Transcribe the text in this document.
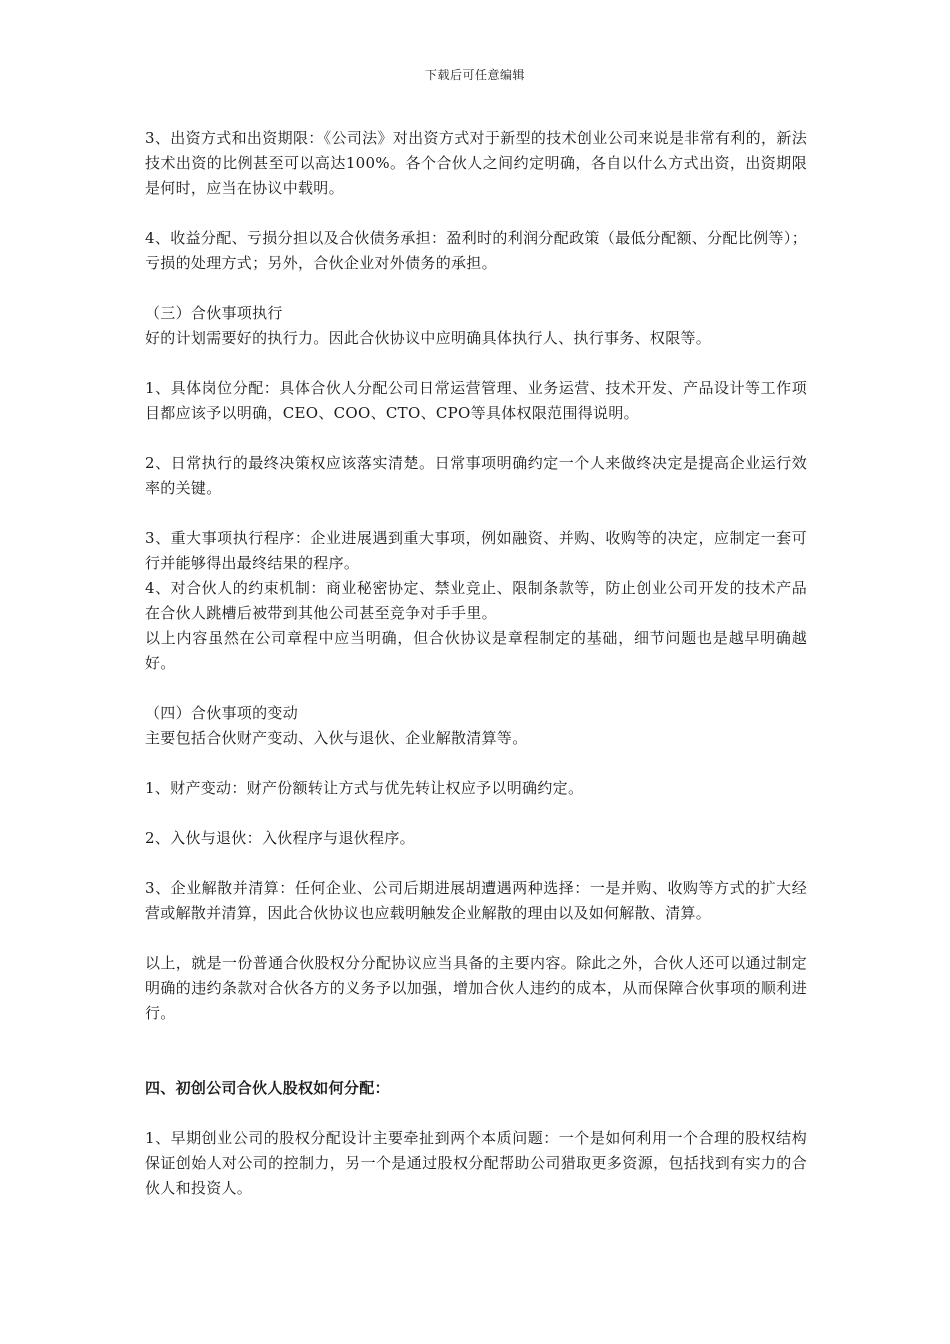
下载后可任意编辑

3、出资方式和出资期限：《公司法》对出资方式对于新型的技术创业公司来说是非常有利的，新法技术出资的比例甚至可以高达100%。各个合伙人之间约定明确，各自以什么方式出资，出资期限是何时，应当在协议中载明。

4、收益分配、亏损分担以及合伙债务承担：盈利时的利润分配政策（最低分配额、分配比例等）；亏损的处理方式；另外，合伙企业对外债务的承担。

（三）合伙事项执行

好的计划需要好的执行力。因此合伙协议中应明确具体执行人、执行事务、权限等。

1、具体岗位分配：具体合伙人分配公司日常运营管理、业务运营、技术开发、产品设计等工作项目都应该予以明确，CEO、COO、CTO、CPO等具体权限范围得说明。

2、日常执行的最终决策权应该落实清楚。日常事项明确约定一个人来做终决定是提高企业运行效率的关键。

3、重大事项执行程序：企业进展遇到重大事项，例如融资、并购、收购等的决定，应制定一套可行并能够得出最终结果的程序。

4、对合伙人的约束机制：商业秘密协定、禁业竞止、限制条款等，防止创业公司开发的技术产品在合伙人跳槽后被带到其他公司甚至竞争对手手里。

以上内容虽然在公司章程中应当明确，但合伙协议是章程制定的基础，细节问题也是越早明确越好。

（四）合伙事项的变动

主要包括合伙财产变动、入伙与退伙、企业解散清算等。

1、财产变动：财产份额转让方式与优先转让权应予以明确约定。

2、入伙与退伙：入伙程序与退伙程序。

3、企业解散并清算：任何企业、公司后期进展胡遭遇两种选择：一是并购、收购等方式的扩大经营或解散并清算，因此合伙协议也应载明触发企业解散的理由以及如何解散、清算。

以上，就是一份普通合伙股权分分配协议应当具备的主要内容。除此之外，合伙人还可以通过制定明确的违约条款对合伙各方的义务予以加强，增加合伙人违约的成本，从而保障合伙事项的顺利进行。

四、初创公司合伙人股权如何分配：

1、早期创业公司的股权分配设计主要牵扯到两个本质问题：一个是如何利用一个合理的股权结构保证创始人对公司的控制力，另一个是通过股权分配帮助公司猎取更多资源，包括找到有实力的合伙人和投资人。
